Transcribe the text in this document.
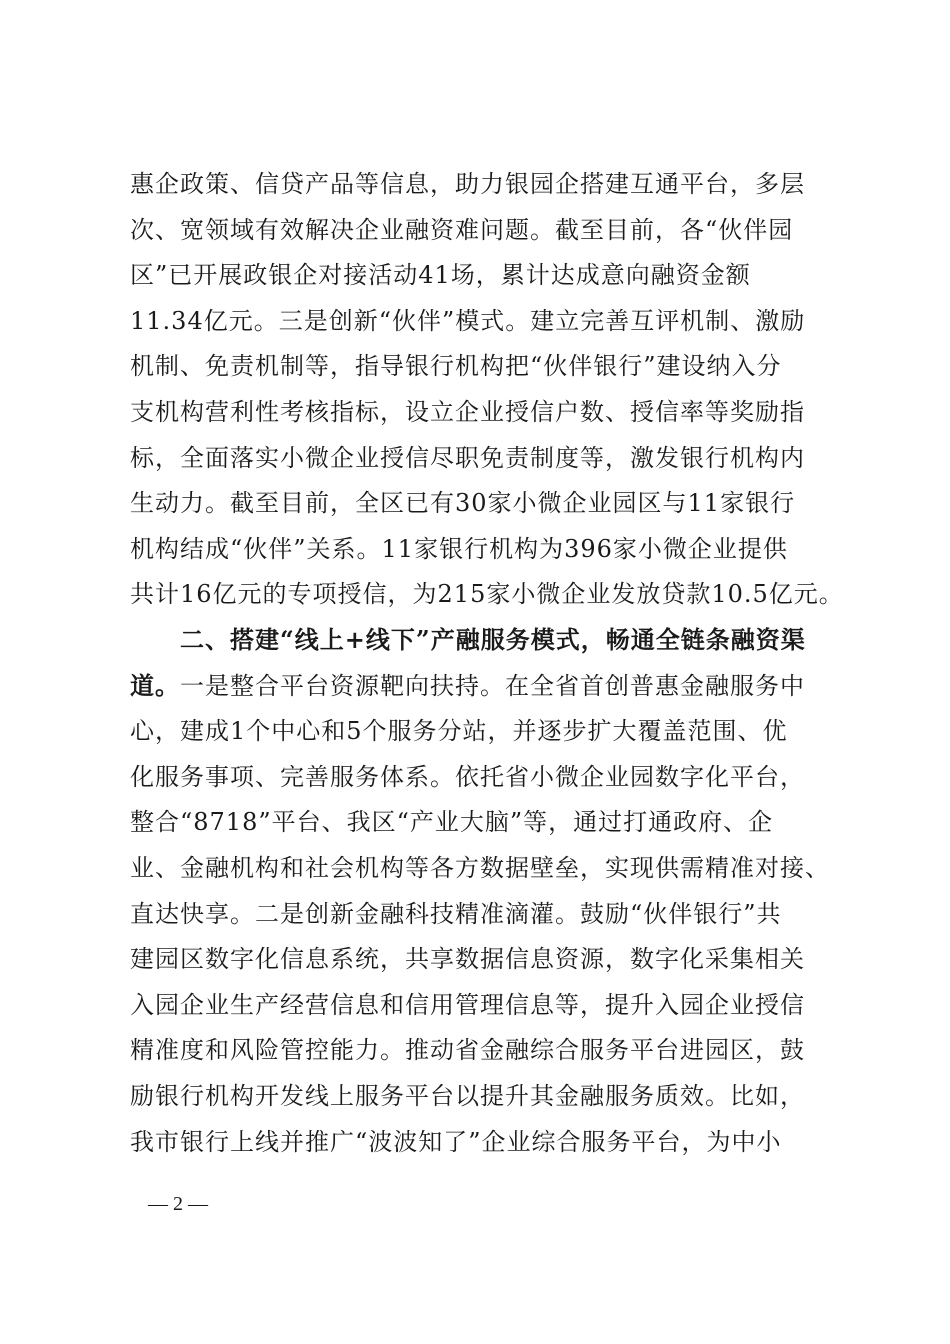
惠企政策、信贷产品等信息，助力银园企搭建互通平台，多层
次、宽领域有效解决企业融资难问题。截至目前，各“伙伴园
区”已开展政银企对接活动41场，累计达成意向融资金额
11.34亿元。三是创新“伙伴”模式。建立完善互评机制、激励
机制、免责机制等，指导银行机构把“伙伴银行”建设纳入分
支机构营利性考核指标，设立企业授信户数、授信率等奖励指
标，全面落实小微企业授信尽职免责制度等，激发银行机构内
生动力。截至目前，全区已有30家小微企业园区与11家银行
机构结成“伙伴”关系。11家银行机构为396家小微企业提供
共计16亿元的专项授信，为215家小微企业发放贷款10.5亿元。
　　二、搭建“线上+线下”产融服务模式，畅通全链条融资渠
道。一是整合平台资源靶向扶持。在全省首创普惠金融服务中
心，建成1个中心和5个服务分站，并逐步扩大覆盖范围、优
化服务事项、完善服务体系。依托省小微企业园数字化平台，
整合“8718”平台、我区“产业大脑”等，通过打通政府、企
业、金融机构和社会机构等各方数据壁垒，实现供需精准对接、
直达快享。二是创新金融科技精准滴灌。鼓励“伙伴银行”共
建园区数字化信息系统，共享数据信息资源，数字化采集相关
入园企业生产经营信息和信用管理信息等，提升入园企业授信
精准度和风险管控能力。推动省金融综合服务平台进园区，鼓
励银行机构开发线上服务平台以提升其金融服务质效。比如，
我市银行上线并推广“波波知了”企业综合服务平台，为中小
— 2 —
